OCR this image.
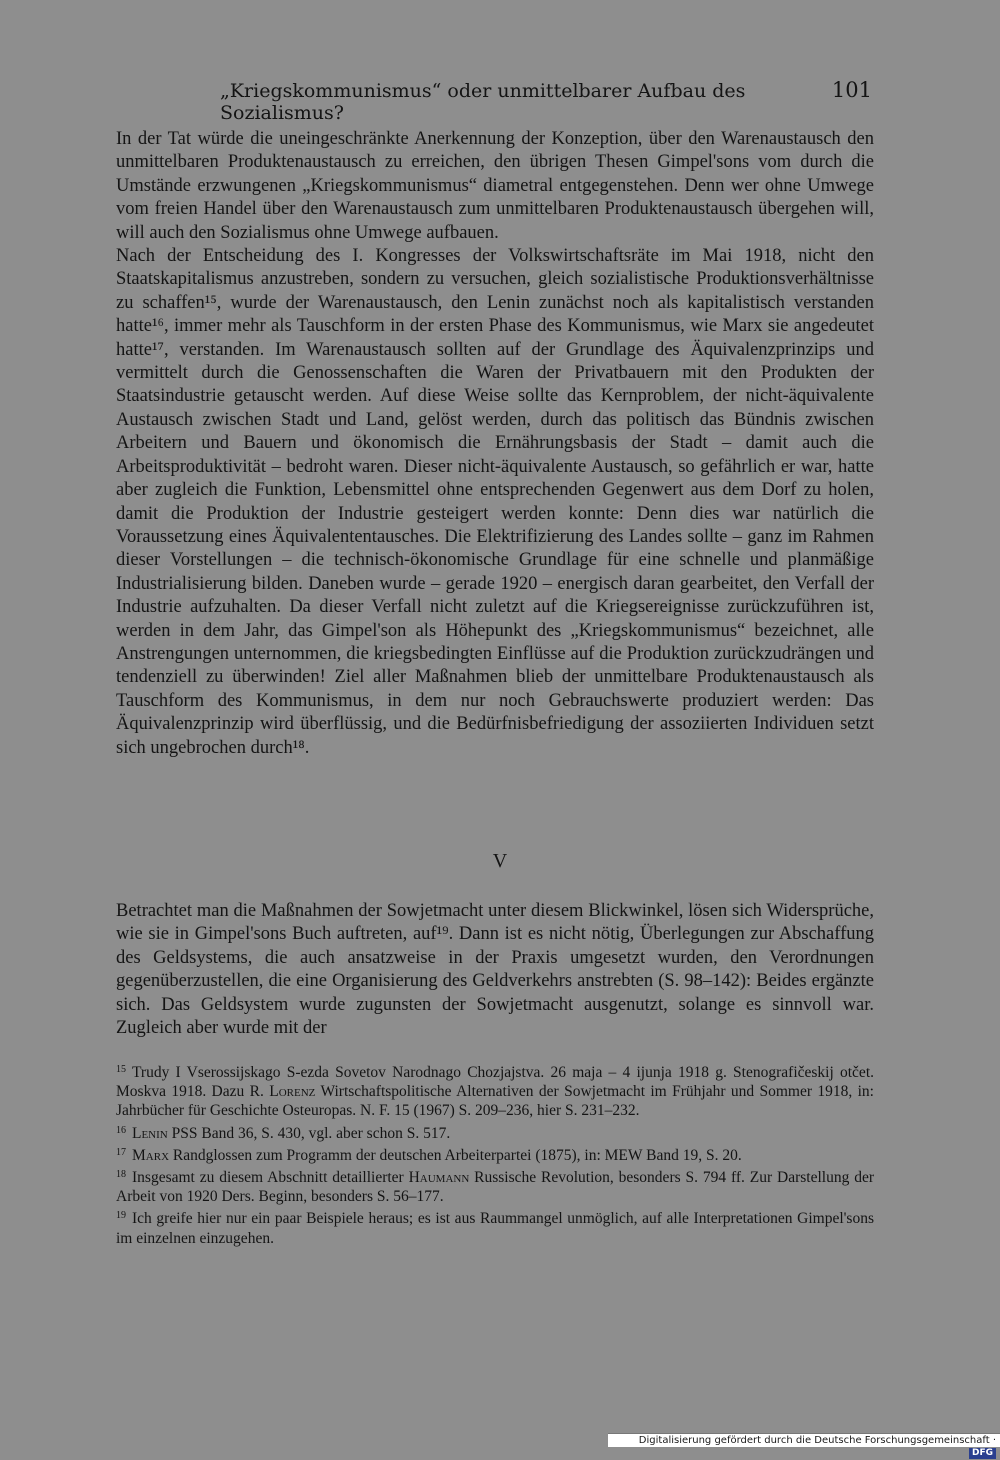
„Kriegskommunismus“ oder unmittelbarer Aufbau des Sozialismus?
101

In der Tat würde die uneingeschränkte Anerkennung der Konzeption, über den Warenaustausch den unmittelbaren Produktenaustausch zu erreichen, den übrigen Thesen Gimpel'sons vom durch die Umstände erzwungenen „Kriegskommunismus“ diametral entgegenstehen. Denn wer ohne Umwege vom freien Handel über den Warenaustausch zum unmittelbaren Produktenaustausch übergehen will, will auch den Sozialismus ohne Umwege aufbauen.

Nach der Entscheidung des I. Kongresses der Volkswirtschaftsräte im Mai 1918, nicht den Staatskapitalismus anzustreben, sondern zu versuchen, gleich sozialistische Produktionsverhältnisse zu schaffen¹⁵, wurde der Warenaustausch, den Lenin zunächst noch als kapitalistisch verstanden hatte¹⁶, immer mehr als Tauschform in der ersten Phase des Kommunismus, wie Marx sie angedeutet hatte¹⁷, verstanden. Im Warenaustausch sollten auf der Grundlage des Äquivalenzprinzips und vermittelt durch die Genossenschaften die Waren der Privatbauern mit den Produkten der Staatsindustrie getauscht werden. Auf diese Weise sollte das Kernproblem, der nicht-äquivalente Austausch zwischen Stadt und Land, gelöst werden, durch das politisch das Bündnis zwischen Arbeitern und Bauern und ökonomisch die Ernährungsbasis der Stadt – damit auch die Arbeitsproduktivität – bedroht waren. Dieser nicht-äquivalente Austausch, so gefährlich er war, hatte aber zugleich die Funktion, Lebensmittel ohne entsprechenden Gegenwert aus dem Dorf zu holen, damit die Produktion der Industrie gesteigert werden konnte: Denn dies war natürlich die Voraussetzung eines Äquivalententausches. Die Elektrifizierung des Landes sollte – ganz im Rahmen dieser Vorstellungen – die technisch-ökonomische Grundlage für eine schnelle und planmäßige Industrialisierung bilden. Daneben wurde – gerade 1920 – energisch daran gearbeitet, den Verfall der Industrie aufzuhalten. Da dieser Verfall nicht zuletzt auf die Kriegsereignisse zurückzuführen ist, werden in dem Jahr, das Gimpel'son als Höhepunkt des „Kriegskommunismus“ bezeichnet, alle Anstrengungen unternommen, die kriegsbedingten Einflüsse auf die Produktion zurückzudrängen und tendenziell zu überwinden! Ziel aller Maßnahmen blieb der unmittelbare Produktenaustausch als Tauschform des Kommunismus, in dem nur noch Gebrauchswerte produziert werden: Das Äquivalenzprinzip wird überflüssig, und die Bedürfnisbefriedigung der assoziierten Individuen setzt sich ungebrochen durch¹⁸.

V
Betrachtet man die Maßnahmen der Sowjetmacht unter diesem Blickwinkel, lösen sich Widersprüche, wie sie in Gimpel'sons Buch auftreten, auf¹⁹. Dann ist es nicht nötig, Überlegungen zur Abschaffung des Geldsystems, die auch ansatzweise in der Praxis umgesetzt wurden, den Verordnungen gegenüberzustellen, die eine Organisierung des Geldverkehrs anstrebten (S. 98–142): Beides ergänzte sich. Das Geldsystem wurde zugunsten der Sowjetmacht ausgenutzt, solange es sinnvoll war. Zugleich aber wurde mit der

$^{15}$ Trudy I Vserossijskago S-ezda Sovetov Narodnago Chozjajstva. 26 maja – 4 ijunja 1918 g. Stenografičeskij otčet. Moskva 1918. Dazu R. Lorenz Wirtschaftspolitische Alternativen der Sowjetmacht im Frühjahr und Sommer 1918, in: Jahrbücher für Geschichte Osteuropas. N. F. 15 (1967) S. 209–236, hier S. 231–232.

$^{16}$ Lenin PSS Band 36, S. 430, vgl. aber schon S. 517.

$^{17}$ Marx Randglossen zum Programm der deutschen Arbeiterpartei (1875), in: MEW Band 19, S. 20.

$^{18}$ Insgesamt zu diesem Abschnitt detaillierter Haumann Russische Revolution, besonders S. 794 ff. Zur Darstellung der Arbeit von 1920 Ders. Beginn, besonders S. 56–177.

$^{19}$ Ich greife hier nur ein paar Beispiele heraus; es ist aus Raummangel unmöglich, auf alle Interpretationen Gimpel'sons im einzelnen einzugehen.

Digitalisierung gefördert durch die Deutsche Forschungsgemeinschaft ·DFG
